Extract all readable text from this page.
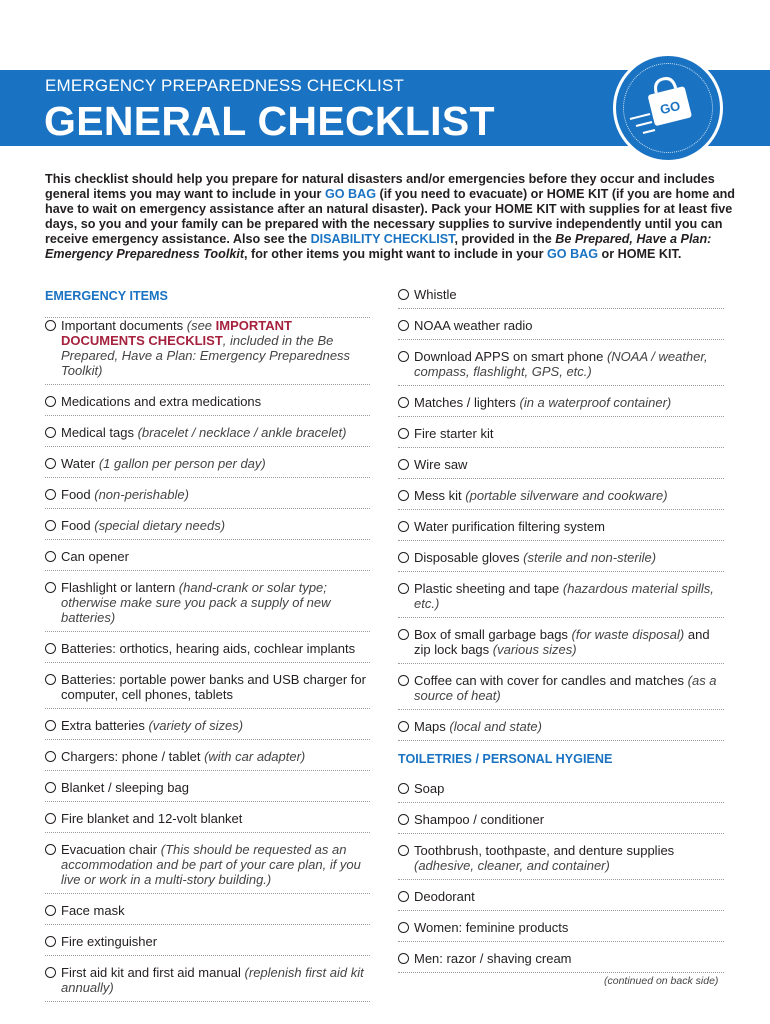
EMERGENCY PREPAREDNESS CHECKLIST
GENERAL CHECKLIST	GO
This checklist should help you prepare for natural disasters and/or emergencies before they occur and includes general items you may want to include in your GO BAG (if you need to evacuate) or HOME KIT (if you are home and have to wait on emergency assistance after an natural disaster). Pack your HOME KIT with supplies for at least five days, so you and your family can be prepared with the necessary supplies to survive independently until you can receive emergency assistance. Also see the DISABILITY CHECKLIST, provided in the Be Prepared, Have a Plan: Emergency Preparedness Toolkit, for other items you might want to include in your GO BAG or HOME KIT.
EMERGENCY ITEMS
Important documents (see IMPORTANT DOCUMENTS CHECKLIST, included in the Be Prepared, Have a Plan: Emergency Preparedness Toolkit)
Medications and extra medications
Medical tags (bracelet / necklace / ankle bracelet)
Water (1 gallon per person per day)
Food (non-perishable)
Food (special dietary needs)
Can opener
Flashlight or lantern (hand-crank or solar type; otherwise make sure you pack a supply of new batteries)
Batteries: orthotics, hearing aids, cochlear implants
Batteries: portable power banks and USB charger for computer, cell phones, tablets
Extra batteries (variety of sizes)
Chargers: phone / tablet (with car adapter)
Blanket / sleeping bag
Fire blanket and 12-volt blanket
Evacuation chair (This should be requested as an accommodation and be part of your care plan, if you live or work in a multi-story building.)
Face mask
Fire extinguisher
First aid kit and first aid manual (replenish first aid kit annually)
Whistle
NOAA weather radio
Download APPS on smart phone (NOAA / weather, compass, flashlight, GPS, etc.)
Matches / lighters (in a waterproof container)
Fire starter kit
Wire saw
Mess kit (portable silverware and cookware)
Water purification filtering system
Disposable gloves (sterile and non-sterile)
Plastic sheeting and tape (hazardous material spills, etc.)
Box of small garbage bags (for waste disposal) and zip lock bags (various sizes)
Coffee can with cover for candles and matches (as a source of heat)
Maps (local and state)
TOILETRIES / PERSONAL HYGIENE
Soap
Shampoo / conditioner
Toothbrush, toothpaste, and denture supplies (adhesive, cleaner, and container)
Deodorant
Women: feminine products
Men: razor / shaving cream
(continued on back side)
